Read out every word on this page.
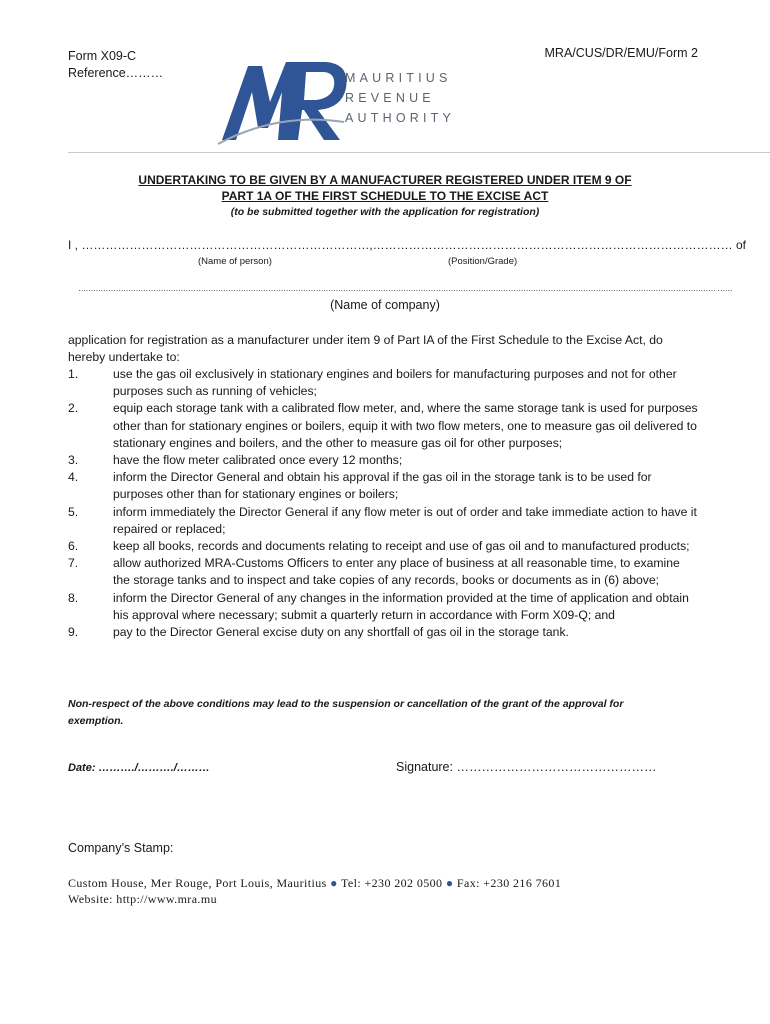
Form X09-C
Reference………
MRA/CUS/DR/EMU/Form 2
MAURITIUS
REVENUE
AUTHORITY
UNDERTAKING TO BE GIVEN BY A MANUFACTURER REGISTERED UNDER ITEM 9 OF
PART 1A OF THE FIRST SCHEDULE TO THE EXCISE ACT
(to be submitted together with the application for registration)
I , ………………………………………………………………,……………………………………………………………………………… of
(Name of person)	(Position/Grade)
………………………………………………………………………………………………………………………………………………………………………………………………………………………………… ……
(Name of company)
application for registration as a manufacturer under item 9 of Part IA of the First Schedule to the Excise Act, do hereby undertake to:
1.	use the gas oil exclusively in stationary engines and boilers for manufacturing purposes and not for other purposes such as running of vehicles;
2.	equip each storage tank with a calibrated flow meter, and, where the same storage tank is used for purposes other than for stationary engines or boilers, equip it with two flow meters, one to measure gas oil delivered to stationary engines and boilers, and the other to measure gas oil for other purposes;
3.	have the flow meter calibrated once every 12 months;
4.	inform the Director General and obtain his approval if the gas oil in the storage tank is to be used for purposes other than for stationary engines or boilers;
5.	inform immediately the Director General if any flow meter is out of order and take immediate action to have it repaired or replaced;
6.	keep all books, records and documents relating to receipt and use of gas oil and to manufactured products;
7.	allow authorized MRA-Customs Officers to enter any place of business at all reasonable time, to examine the storage tanks and to inspect and take copies of any records, books or documents as in (6) above;
8.	inform the Director General of any changes in the information provided at the time of application and obtain his approval where necessary; submit a quarterly return in accordance with Form X09-Q; and
9.	pay to the Director General excise duty on any shortfall of gas oil in the storage tank.
Non-respect of the above conditions may lead to the suspension or cancellation of the grant of the approval for exemption.
Date: ………./………./………	Signature: …………………………………………
Company’s Stamp:
Custom House, Mer Rouge, Port Louis, Mauritius ● Tel: +230 202 0500 ● Fax: +230 216 7601
Website: http://www.mra.mu
